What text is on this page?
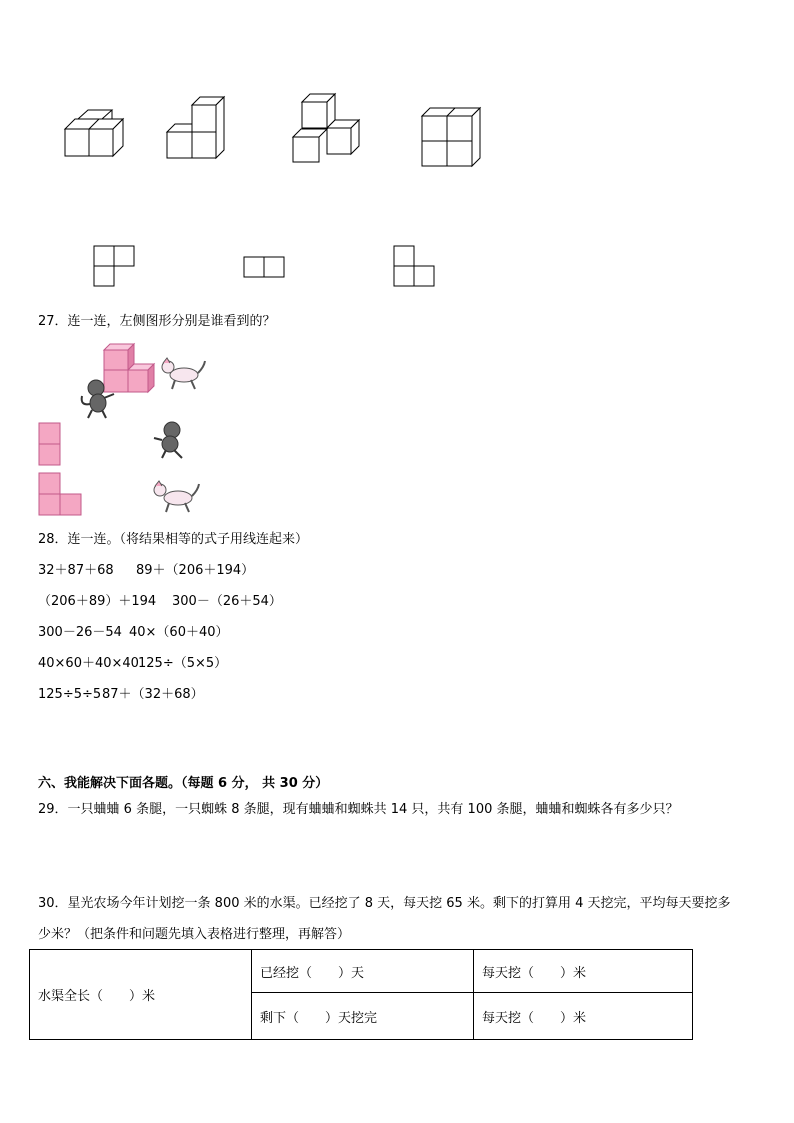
27．连一连，左侧图形分别是谁看到的？
28．连一连。（将结果相等的式子用线连起来）
32＋87＋68 89＋（206＋194）
（206＋89）＋194 300－（26＋54）
300－26－54 40×（60＋40）
40×60＋40×40 125÷（5×5）
125÷5÷5 87＋（32＋68）
六、我能解决下面各题。（每题 6 分， 共 30 分）
29．一只蛐蛐 6 条腿，一只蜘蛛 8 条腿，现有蛐蛐和蜘蛛共 14 只，共有 100 条腿，蛐蛐和蜘蛛各有多少只？
30．星光农场今年计划挖一条 800 米的水渠。已经挖了 8 天，每天挖 65 米。剩下的打算用 4 天挖完，平均每天要挖多
少米？（把条件和问题先填入表格进行整理，再解答）
水渠全长（　　）米	已经挖（　　）天	每天挖（　　）米
	剩下（　　）天挖完	每天挖（　　）米
